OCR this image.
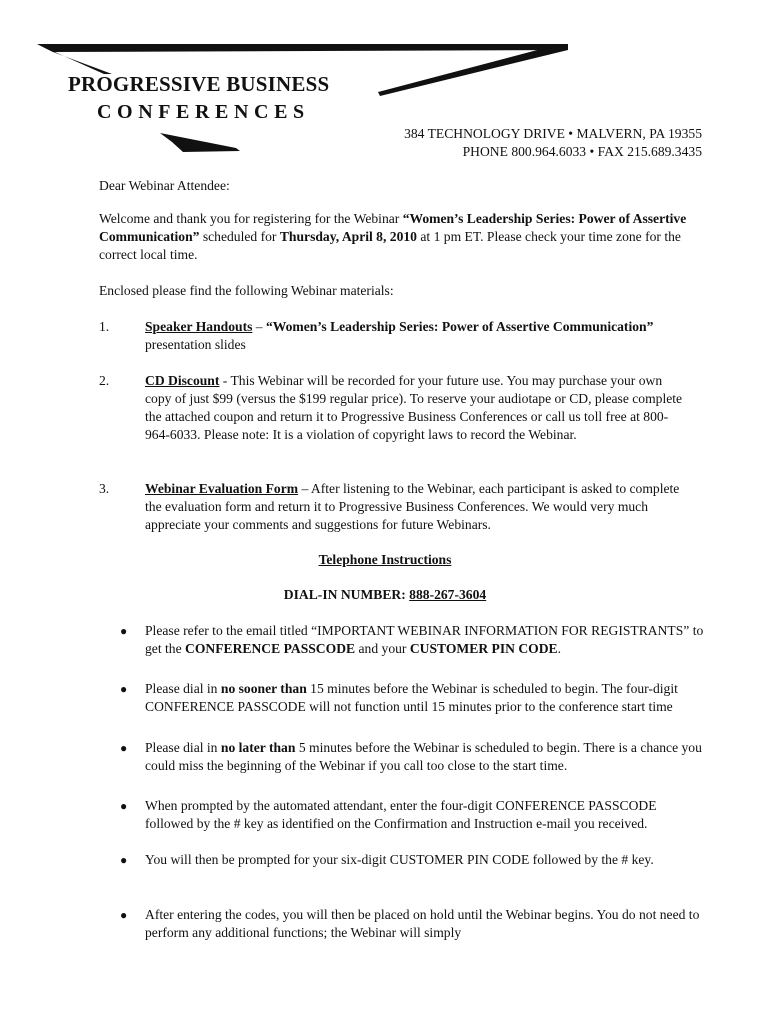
PROGRESSIVE BUSINESS
CONFERENCES
384 TECHNOLOGY DRIVE • MALVERN, PA 19355
PHONE 800.964.6033 • FAX 215.689.3435
Dear Webinar Attendee:
Welcome and thank you for registering for the Webinar “Women’s Leadership Series: Power of Assertive Communication” scheduled for Thursday, April 8, 2010 at 1 pm ET. Please check your time zone for the correct local time.
Enclosed please find the following Webinar materials:
1.	Speaker Handouts – “Women’s Leadership Series: Power of Assertive Communication” presentation slides
2.	CD Discount - This Webinar will be recorded for your future use. You may purchase your own copy of just $99 (versus the $199 regular price). To reserve your audiotape or CD, please complete the attached coupon and return it to Progressive Business Conferences or call us toll free at 800-964-6033. Please note: It is a violation of copyright laws to record the Webinar.
3.	Webinar Evaluation Form – After listening to the Webinar, each participant is asked to complete the evaluation form and return it to Progressive Business Conferences. We would very much appreciate your comments and suggestions for future Webinars.
Telephone Instructions
DIAL-IN NUMBER: 888-267-3604
● Please refer to the email titled “IMPORTANT WEBINAR INFORMATION FOR REGISTRANTS” to get the CONFERENCE PASSCODE and your CUSTOMER PIN CODE.
● Please dial in no sooner than 15 minutes before the Webinar is scheduled to begin. The four-digit CONFERENCE PASSCODE will not function until 15 minutes prior to the conference start time
● Please dial in no later than 5 minutes before the Webinar is scheduled to begin. There is a chance you could miss the beginning of the Webinar if you call too close to the start time.
● When prompted by the automated attendant, enter the four-digit CONFERENCE PASSCODE followed by the # key as identified on the Confirmation and Instruction e-mail you received.
● You will then be prompted for your six-digit CUSTOMER PIN CODE followed by the # key.
● After entering the codes, you will then be placed on hold until the Webinar begins. You do not need to perform any additional functions; the Webinar will simply
